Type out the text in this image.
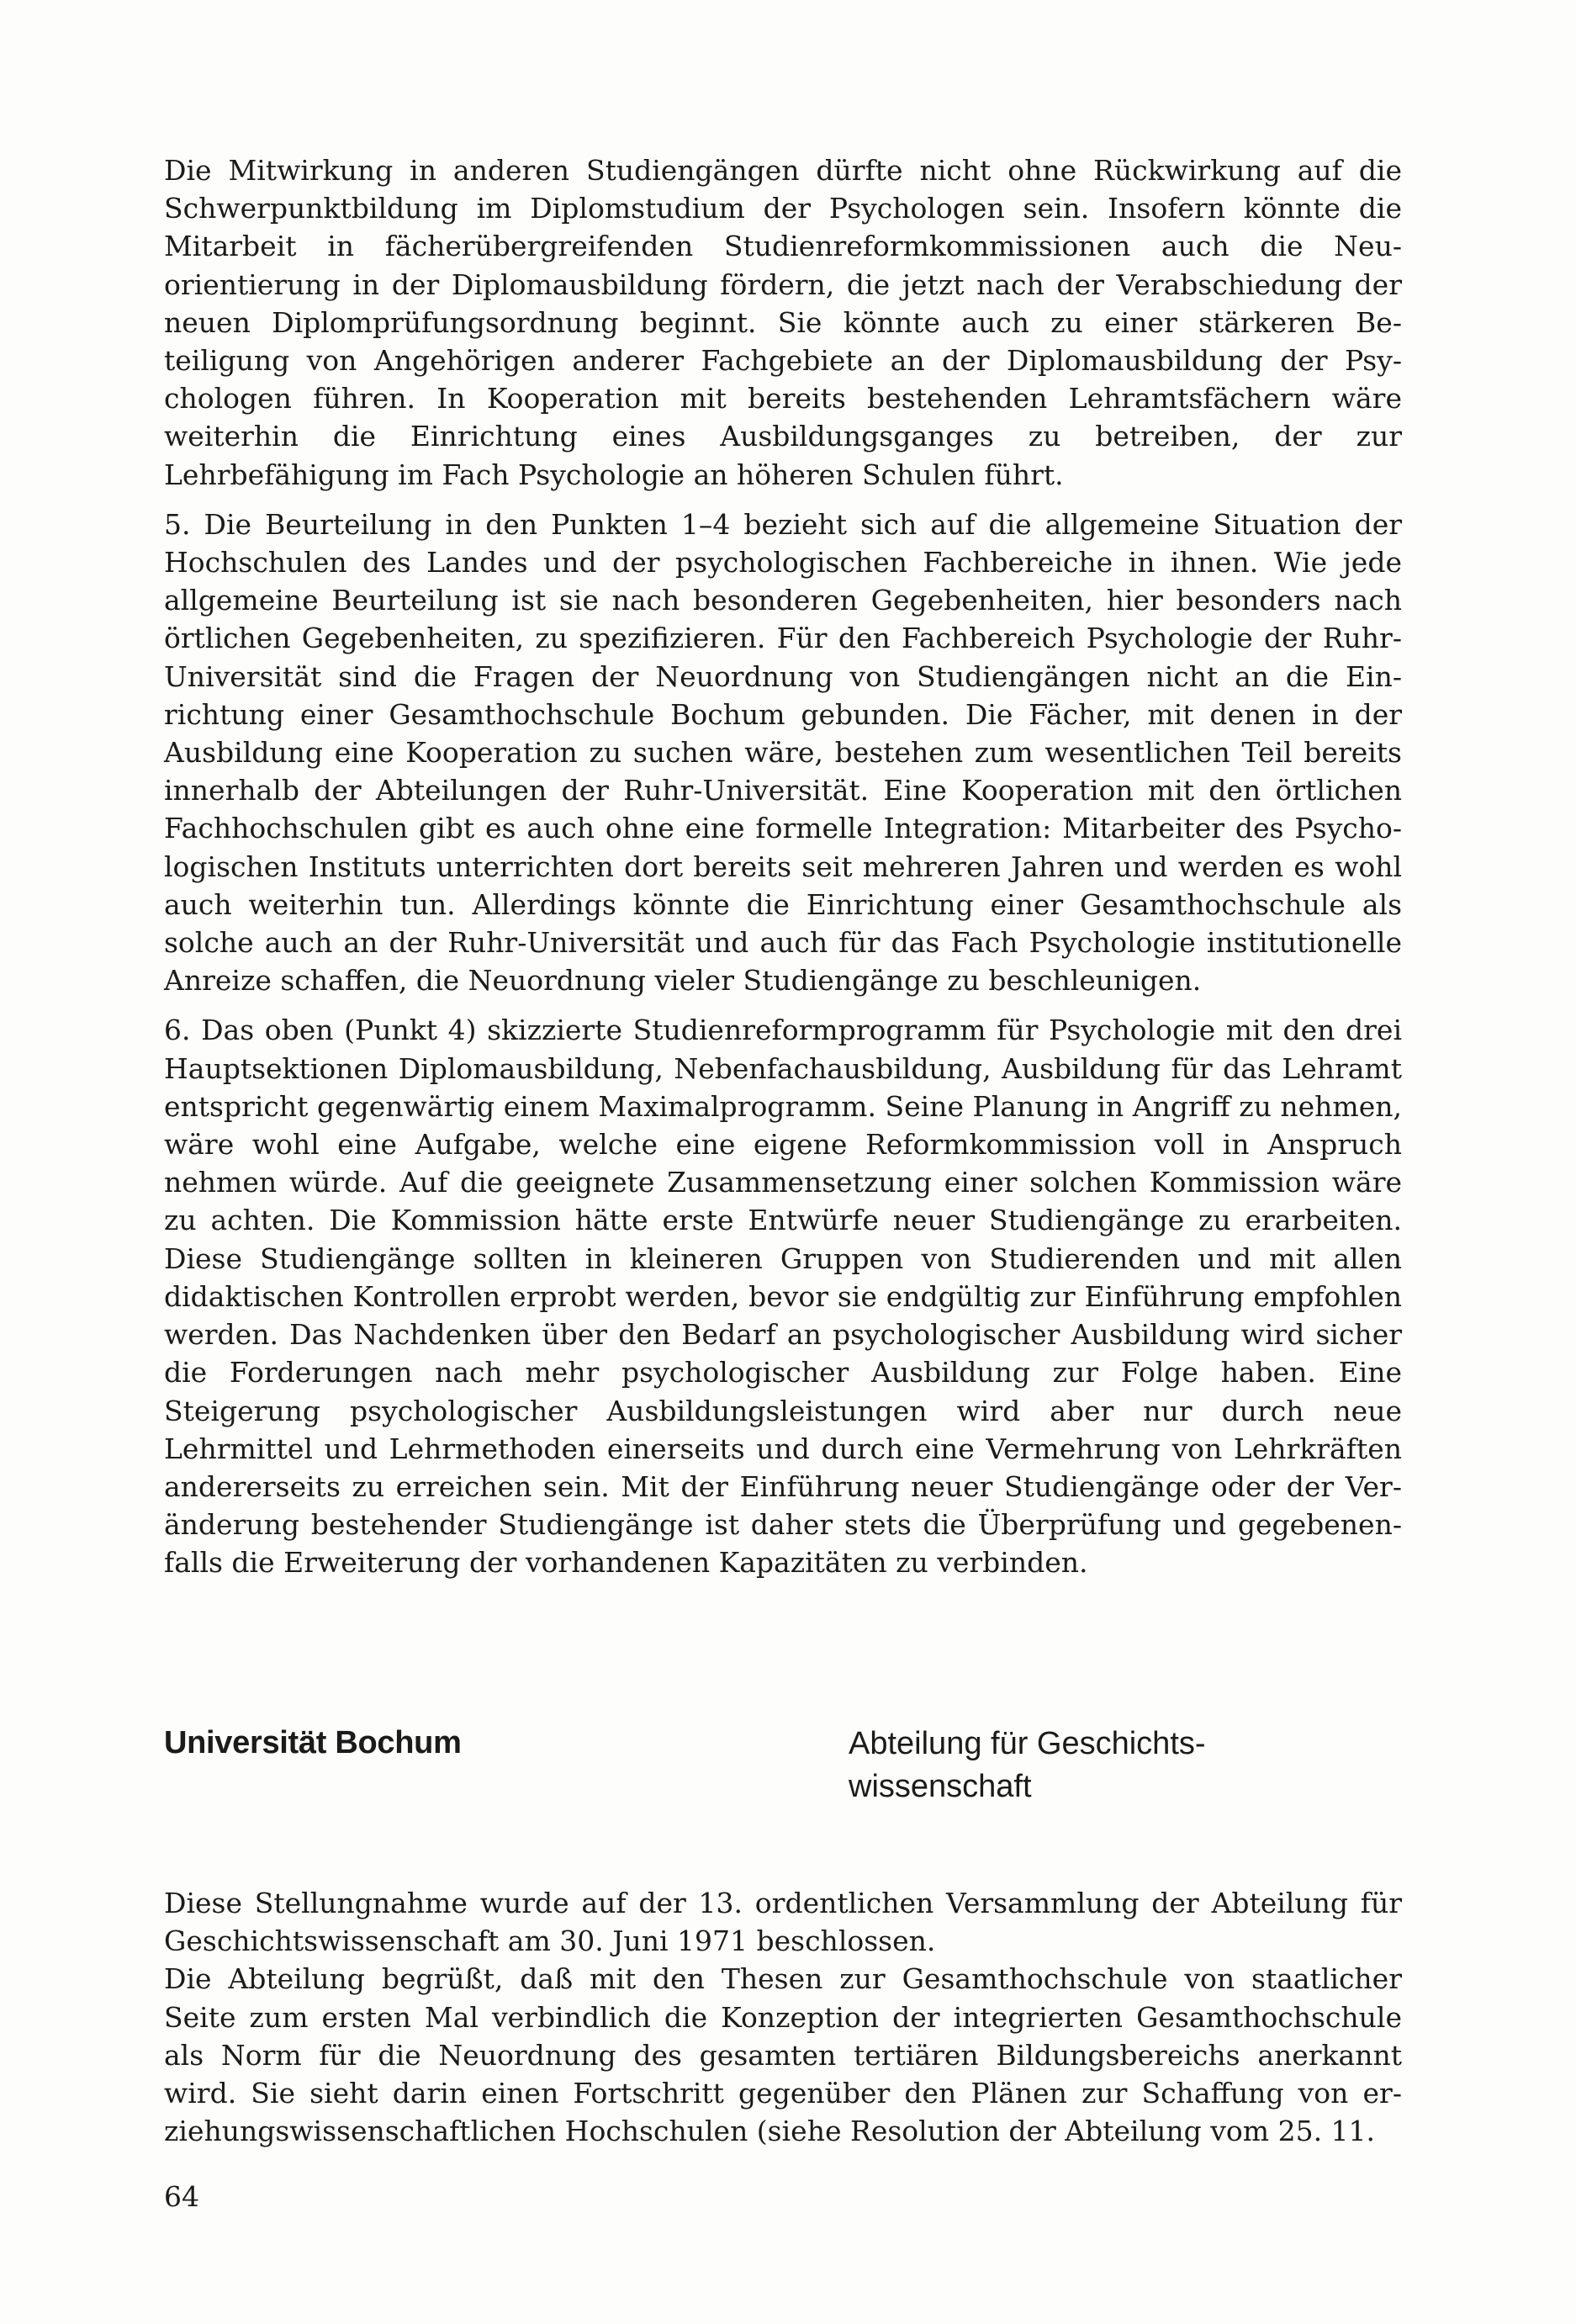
Die Mitwirkung in anderen Studiengängen dürfte nicht ohne Rückwirkung auf die Schwerpunktbildung im Diplomstudium der Psychologen sein. Insofern könnte die Mitarbeit in fächerübergreifenden Studienreformkommissionen auch die Neuorientierung in der Diplomausbildung fördern, die jetzt nach der Verabschiedung der neuen Diplomprüfungsordnung beginnt. Sie könnte auch zu einer stärkeren Beteiligung von Angehörigen anderer Fachgebiete an der Diplomausbildung der Psychologen führen. In Kooperation mit bereits bestehenden Lehramtsfächern wäre weiterhin die Einrichtung eines Ausbildungsganges zu betreiben, der zur Lehrbefähigung im Fach Psychologie an höheren Schulen führt.

5. Die Beurteilung in den Punkten 1–4 bezieht sich auf die allgemeine Situation der Hochschulen des Landes und der psychologischen Fachbereiche in ihnen. Wie jede allgemeine Beurteilung ist sie nach besonderen Gegebenheiten, hier besonders nach örtlichen Gegebenheiten, zu spezifizieren. Für den Fachbereich Psychologie der Ruhr-Universität sind die Fragen der Neuordnung von Studiengängen nicht an die Einrichtung einer Gesamthochschule Bochum gebunden. Die Fächer, mit denen in der Ausbildung eine Kooperation zu suchen wäre, bestehen zum wesentlichen Teil bereits innerhalb der Abteilungen der Ruhr-Universität. Eine Kooperation mit den örtlichen Fachhochschulen gibt es auch ohne eine formelle Integration: Mitarbeiter des Psychologischen Instituts unterrichten dort bereits seit mehreren Jahren und werden es wohl auch weiterhin tun. Allerdings könnte die Einrichtung einer Gesamthochschule als solche auch an der Ruhr-Universität und auch für das Fach Psychologie institutionelle Anreize schaffen, die Neuordnung vieler Studiengänge zu beschleunigen.

6. Das oben (Punkt 4) skizzierte Studienreformprogramm für Psychologie mit den drei Hauptsektionen Diplomausbildung, Nebenfachausbildung, Ausbildung für das Lehramt entspricht gegenwärtig einem Maximalprogramm. Seine Planung in Angriff zu nehmen, wäre wohl eine Aufgabe, welche eine eigene Reformkommission voll in Anspruch nehmen würde. Auf die geeignete Zusammensetzung einer solchen Kommission wäre zu achten. Die Kommission hätte erste Entwürfe neuer Studiengänge zu erarbeiten. Diese Studiengänge sollten in kleineren Gruppen von Studierenden und mit allen didaktischen Kontrollen erprobt werden, bevor sie endgültig zur Einführung empfohlen werden. Das Nachdenken über den Bedarf an psychologischer Ausbildung wird sicher die Forderungen nach mehr psychologischer Ausbildung zur Folge haben. Eine Steigerung psychologischer Ausbildungsleistungen wird aber nur durch neue Lehrmittel und Lehrmethoden einerseits und durch eine Vermehrung von Lehrkräften andererseits zu erreichen sein. Mit der Einführung neuer Studiengänge oder der Veränderung bestehender Studiengänge ist daher stets die Überprüfung und gegebenenfalls die Erweiterung der vorhandenen Kapazitäten zu verbinden.

Universität Bochum	Abteilung für Geschichts-
wissenschaft

Diese Stellungnahme wurde auf der 13. ordentlichen Versammlung der Abteilung für Geschichtswissenschaft am 30. Juni 1971 beschlossen.

Die Abteilung begrüßt, daß mit den Thesen zur Gesamthochschule von staatlicher Seite zum ersten Mal verbindlich die Konzeption der integrierten Gesamthochschule als Norm für die Neuordnung des gesamten tertiären Bildungsbereichs anerkannt wird. Sie sieht darin einen Fortschritt gegenüber den Plänen zur Schaffung von erziehungswissenschaftlichen Hochschulen (siehe Resolution der Abteilung vom 25. 11.

64
